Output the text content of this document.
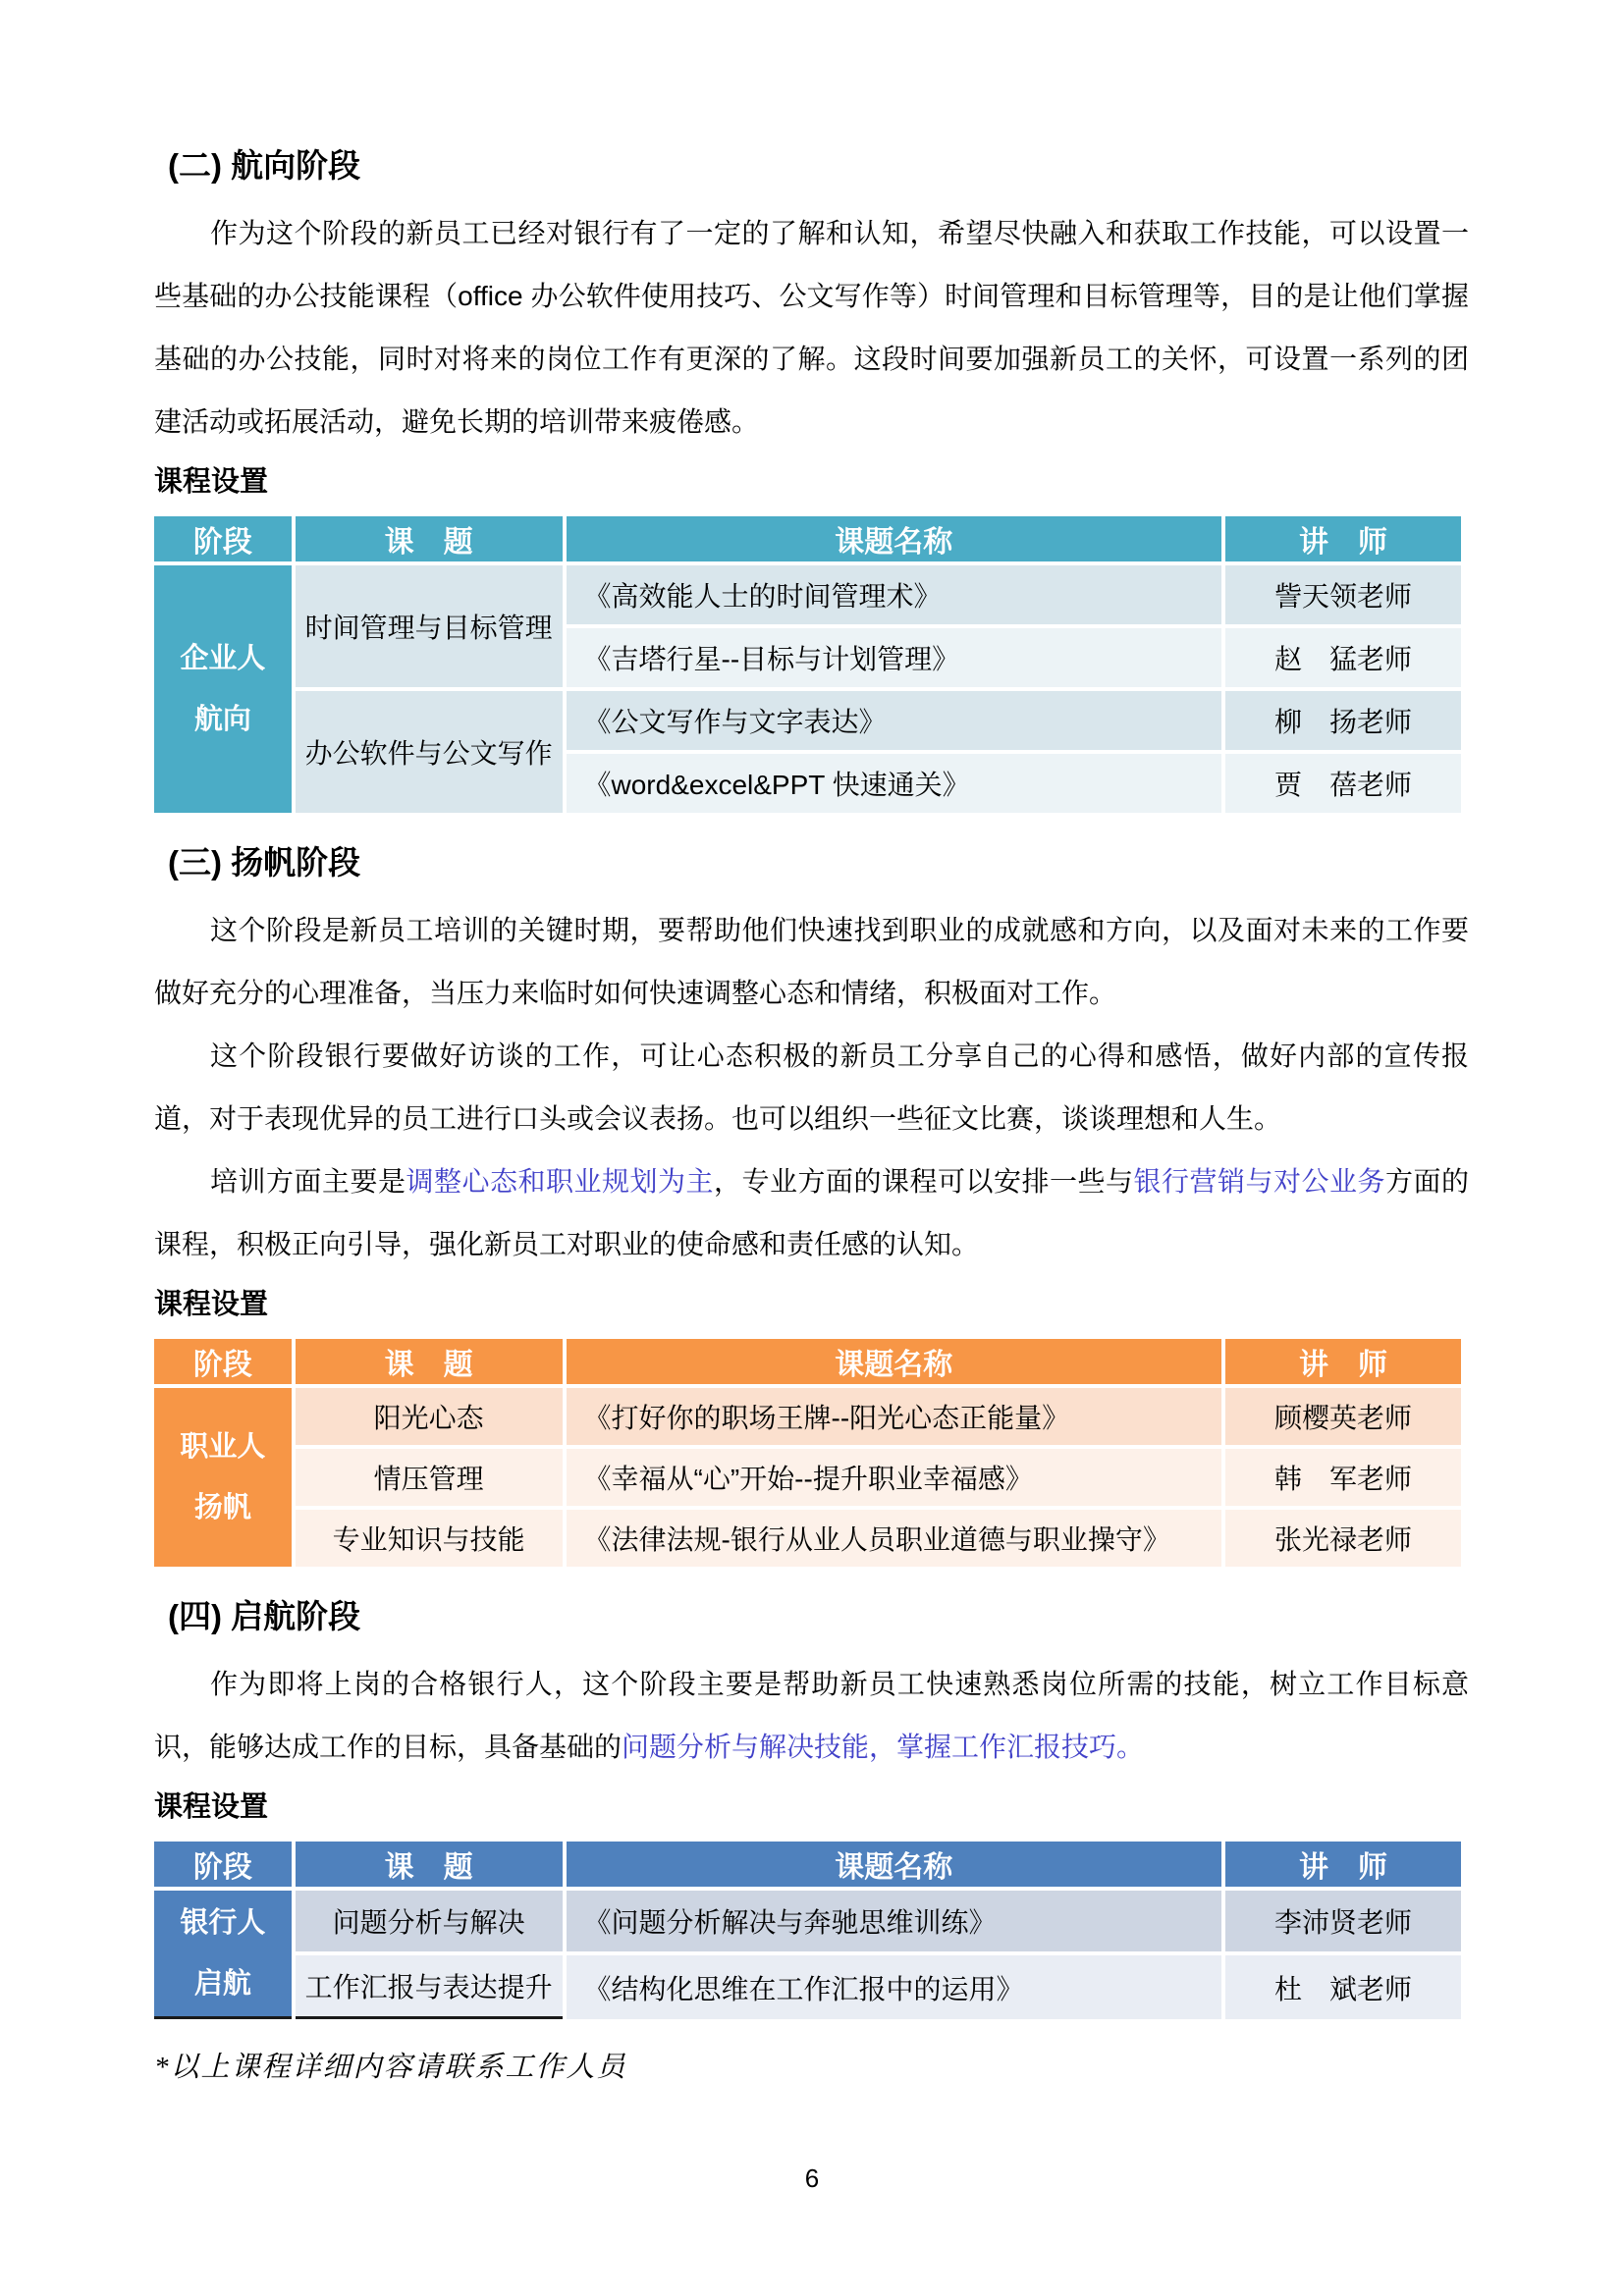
(二) 航向阶段

作为这个阶段的新员工已经对银行有了一定的了解和认知，希望尽快融入和获取工作技能，可以设置一些基础的办公技能课程（office 办公软件使用技巧、公文写作等）时间管理和目标管理等，目的是让他们掌握基础的办公技能，同时对将来的岗位工作有更深的了解。这段时间要加强新员工的关怀，可设置一系列的团建活动或拓展活动，避免长期的培训带来疲倦感。

课程设置
阶段	课　题	课题名称	讲　师

企业人
航向	时间管理与目标管理	《高效能人士的时间管理术》	訾天领老师
		《吉塔行星--目标与计划管理》	赵　猛老师
	办公软件与公文写作	《公文写作与文字表达》	柳　扬老师
		《word&excel&PPT 快速通关》	贾　蓓老师
(三) 扬帆阶段

这个阶段是新员工培训的关键时期，要帮助他们快速找到职业的成就感和方向，以及面对未来的工作要做好充分的心理准备，当压力来临时如何快速调整心态和情绪，积极面对工作。

这个阶段银行要做好访谈的工作，可让心态积极的新员工分享自己的心得和感悟，做好内部的宣传报道，对于表现优异的员工进行口头或会议表扬。也可以组织一些征文比赛，谈谈理想和人生。

培训方面主要是调整心态和职业规划为主，专业方面的课程可以安排一些与银行营销与对公业务方面的课程，积极正向引导，强化新员工对职业的使命感和责任感的认知。

课程设置
阶段	课　题	课题名称	讲　师

职业人
扬帆	阳光心态	《打好你的职场王牌--阳光心态正能量》	顾樱英老师
	情压管理	《幸福从“心”开始--提升职业幸福感》	韩　军老师
	专业知识与技能	《法律法规-银行从业人员职业道德与职业操守》	张光禄老师
(四) 启航阶段

作为即将上岗的合格银行人，这个阶段主要是帮助新员工快速熟悉岗位所需的技能，树立工作目标意识，能够达成工作的目标，具备基础的问题分析与解决技能，掌握工作汇报技巧。

课程设置
阶段	课　题	课题名称	讲　师

银行人
启航	问题分析与解决	《问题分析解决与奔驰思维训练》	李沛贤老师
	工作汇报与表达提升	《结构化思维在工作汇报中的运用》	杜　斌老师

*以上课程详细内容请联系工作人员

6
